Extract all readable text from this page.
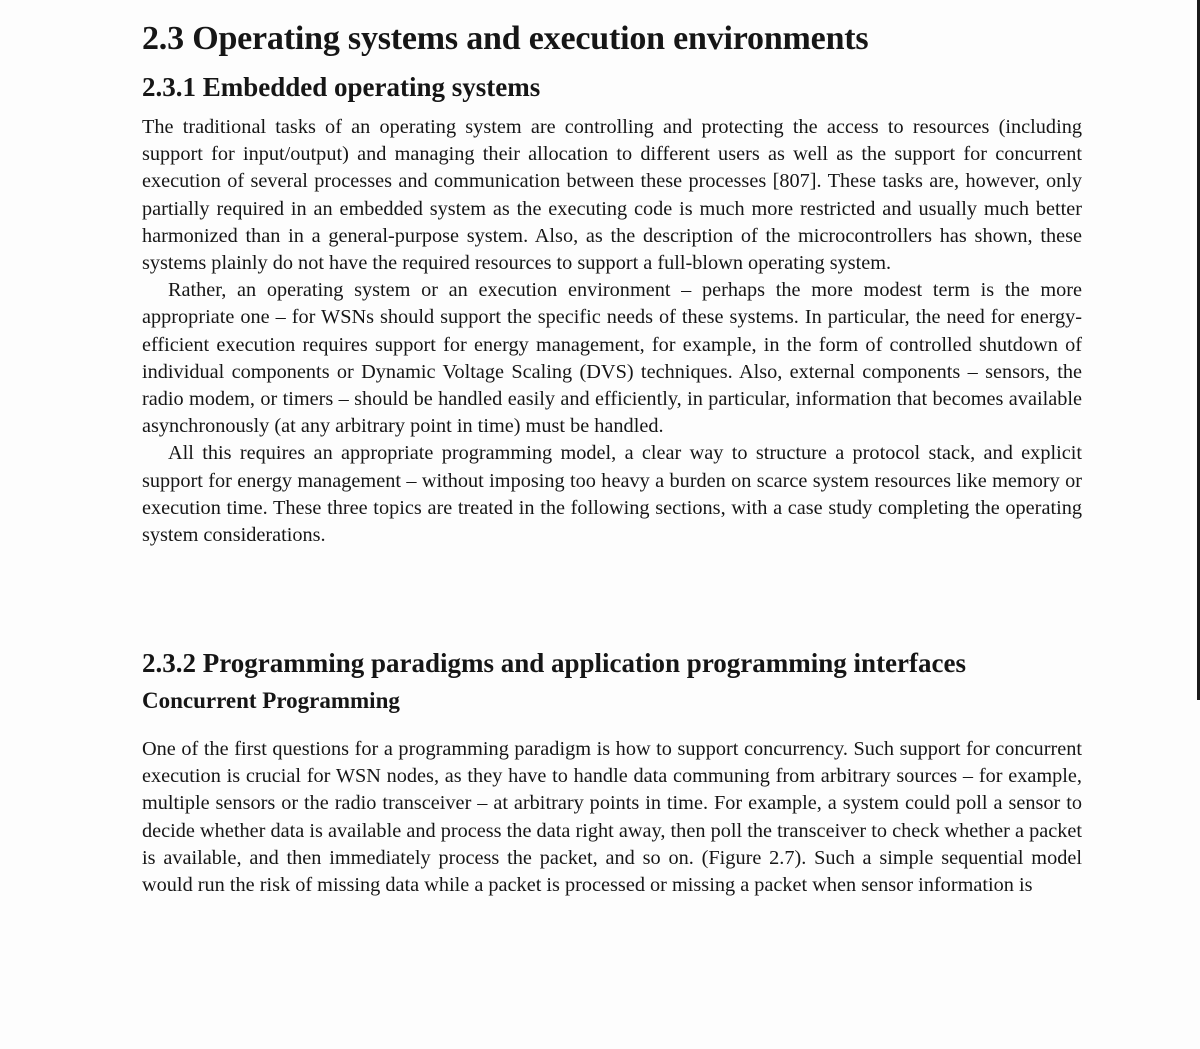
2.3 Operating systems and execution environments
2.3.1 Embedded operating systems

The traditional tasks of an operating system are controlling and protecting the access to resources (including support for input/output) and managing their allocation to different users as well as the support for concurrent execution of several processes and communication between these processes [807]. These tasks are, however, only partially required in an embedded system as the executing code is much more restricted and usually much better harmonized than in a general-purpose system. Also, as the description of the microcontrollers has shown, these systems plainly do not have the required resources to support a full-blown operating system.

Rather, an operating system or an execution environment – perhaps the more modest term is the more appropriate one – for WSNs should support the specific needs of these systems. In particular, the need for energy-efficient execution requires support for energy management, for example, in the form of controlled shutdown of individual components or Dynamic Voltage Scaling (DVS) techniques. Also, external components – sensors, the radio modem, or timers – should be handled easily and efficiently, in particular, information that becomes available asynchronously (at any arbitrary point in time) must be handled.

All this requires an appropriate programming model, a clear way to structure a protocol stack, and explicit support for energy management – without imposing too heavy a burden on scarce system resources like memory or execution time. These three topics are treated in the following sections, with a case study completing the operating system considerations.

2.3.2 Programming paradigms and application programming interfaces
Concurrent Programming

One of the first questions for a programming paradigm is how to support concurrency. Such support for concurrent execution is crucial for WSN nodes, as they have to handle data communing from arbitrary sources – for example, multiple sensors or the radio transceiver – at arbitrary points in time. For example, a system could poll a sensor to decide whether data is available and process the data right away, then poll the transceiver to check whether a packet is available, and then immediately process the packet, and so on. (Figure 2.7). Such a simple sequential model would run the risk of missing data while a packet is processed or missing a packet when sensor information is
